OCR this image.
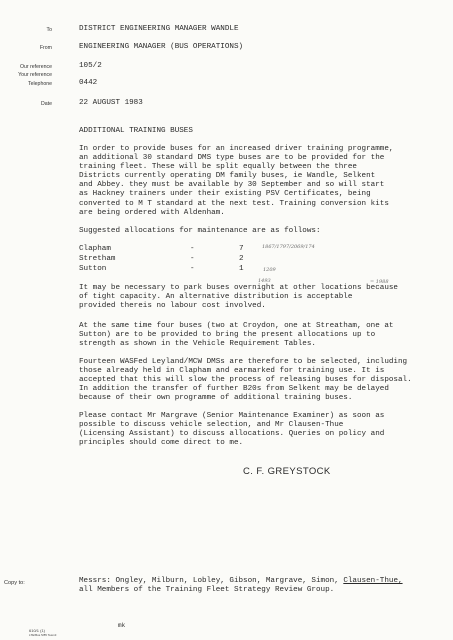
To	DISTRICT ENGINEERING MANAGER WANDLE
From	ENGINEERING MANAGER (BUS OPERATIONS)
Our reference	105/2
Your reference
Telephone	0442
Date	22 AUGUST 1983
ADDITIONAL TRAINING BUSES
In order to provide buses for an increased driver training programme,
an additional 30 standard DMS type buses are to be provided for the
training fleet. These will be split equally between the three
Districts currently operating DM family buses, ie Wandle, Selkent
and Abbey. they must be available by 30 September and so will start
as Hackney trainers under their existing PSV Certificates, being
converted to M T standard at the next test. Training conversion kits
are being ordered with Aldenham.
Suggested allocations for maintenance are as follows:
Clapham	-	7
Stretham	-	2
Sutton	-	1
1867/1797/2069/174
1209
= 1988
1493
It may be necessary to park buses overnight at other locations because
of tight capacity. An alternative distribution is acceptable
provided thereis no labour cost involved.
At the same time four buses (two at Croydon, one at Streatham, one at
Sutton) are to be provided to bring the present allocations up to
strength as shown in the Vehicle Requirement Tables.
Fourteen WASFed Leyland/MCW DMSs are therefore to be selected, including
those already held in Clapham and earmarked for training use. It is
accepted that this will slow the process of releasing buses for disposal.
In addition the transfer of further B20s from Selkent may be delayed
because of their own programme of additional training buses.
Please contact Mr Margrave (Senior Maintenance Examiner) as soon as
possible to discuss vehicle selection, and Mr Clausen-Thue
(Licensing Assistant) to discuss allocations. Queries on policy and
principles should come direct to me.
C. F. GREYSTOCK
Copy to:	Messrs: Ongley, Milburn, Lobley, Gibson, Margrave, Simon, Clausen-Thue,
all Members of the Training Fleet Strategy Review Group.
610/1 (1)
LTE/Bus 5/85 Tesmil
mk
